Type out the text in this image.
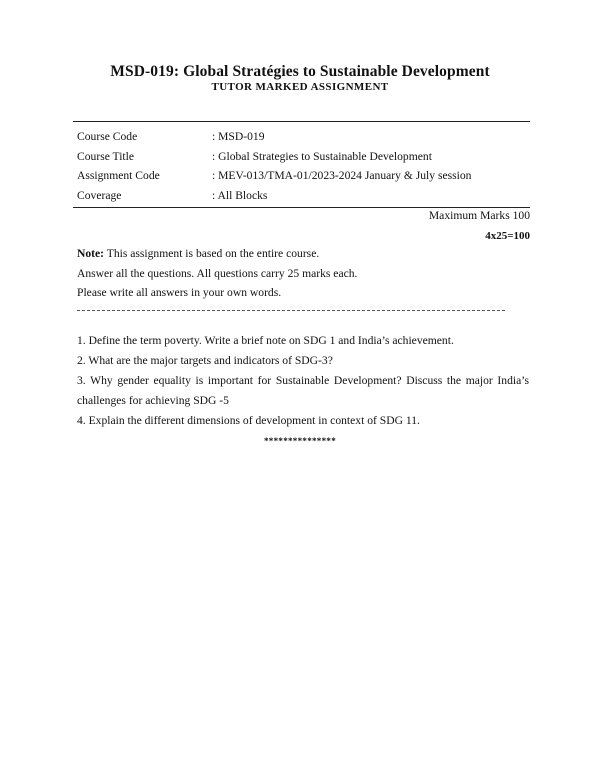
MSD-019: Global Stratégies to Sustainable Development
TUTOR MARKED ASSIGNMENT
Course Code	: MSD-019
Course Title	: Global Strategies to Sustainable Development
Assignment Code	: MEV-013/TMA-01/2023-2024 January & July session
Coverage	: All Blocks
Maximum Marks 100
4x25=100
Note: This assignment is based on the entire course.
Answer all the questions. All questions carry 25 marks each.
Please write all answers in your own words.
1. Define the term poverty. Write a brief note on SDG 1 and India’s achievement.
2. What are the major targets and indicators of SDG-3?
3. Why gender equality is important for Sustainable Development? Discuss the major India’s challenges for achieving SDG -5
4. Explain the different dimensions of development in context of SDG 11.
***************
